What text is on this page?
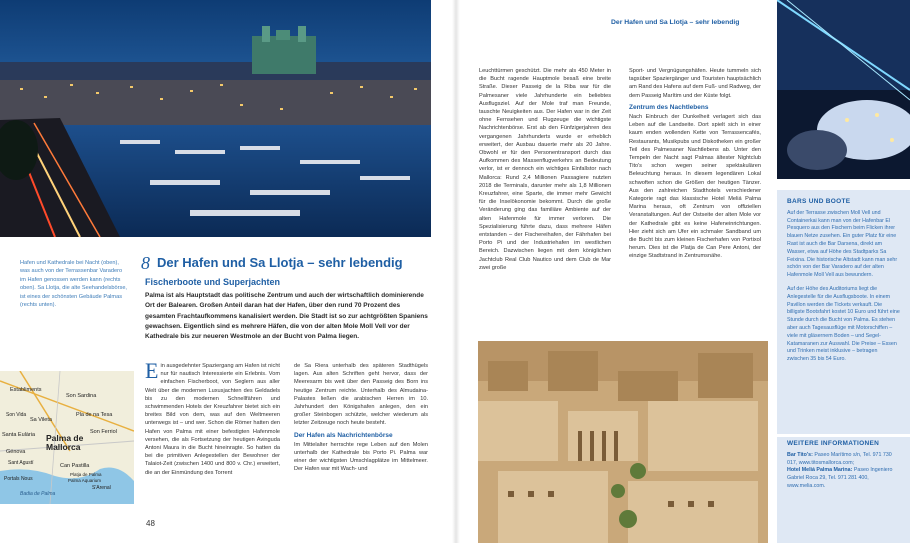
Hafen und Kathedrale bei Nacht (oben), was auch von der Terrassenbar Varadero im Hafen genossen werden kann (rechts oben). Sa Llotja, die alte Seehandelsbörse, ist eines der schönsten Gebäude Palmas (rechts unten).
8 Der Hafen und Sa Llotja – sehr lebendig
Fischerboote und Superjachten
Palma ist als Hauptstadt das politische Zentrum und auch der wirtschaftlich dominierende Ort der Balearen. Großen Anteil daran hat der Hafen, über den rund 70 Prozent des gesamten Frachtaufkommens kanalisiert werden. Die Stadt ist so zur achtgrößten Spaniens gewachsen. Eigentlich sind es mehrere Häfen, die von der alten Mole Moll Vell vor der Kathedrale bis zur neueren Westmole an der Bucht von Palma liegen.
Ein ausgedehnter Spaziergang am Hafen ist nicht nur für nautisch Interessierte ein Erlebnis. Vom einfachen Fischerboot, von Seglern aus aller Welt über die modernen Luxusjachten des Geldadels bis zu den modernen Schnellfähren und schwimmenden Hotels der Kreuzfahrer bietet sich ein breites Bild von dem, was auf den Weltmeeren unterwegs ist – und wer. Schon die Römer hatten den Hafen von Palma mit einer befestigten Hafenmole versehen, die als Fortsetzung der heutigen Avinguda Antoni Maura in die Bucht hineinragte. So hatten da bei die primitiven Anlegestellen der Bewohner der Talaiot-Zeit (zwischen 1400 und 800 v. Chr.) erweitert, die an der Einmündung des Torrent
de Sa Riera unterhalb des späteren Stadthügels lagen. Aus alten Schriften geht hervor, dass der Meeresarm bis weit über den Passeig des Born ins heutige Zentrum reichte. Unterhalb des Almudaina-Palastes ließen die arabischen Herren im 10. Jahrhundert den Königshafen anlegen, den ein großer Steinbogen schützte, welcher wiederum als letzter Zeitzeuge noch heute besteht.
Der Hafen als Nachrichtenbörse
Im Mittelalter herrschte rege Leben auf den Molen unterhalb der Kathedrale bis Porto Pi. Palma war einer der wichtigsten Umschlagplätze im Mittelmeer. Der Hafen war mit Wach- und
Establiments
Son Sardina
Son Vida
Sa Vileta
Pla de na Tesa
Santa Eulària Palma de
Mallorca
Génova
Son Ferriol
Sant Agustí	Can Pastilla
Portals Nous
Platja de Palma
Palma Aquarium
S'Arenal
Badia de Palma
48
Der Hafen und Sa Llotja – sehr lebendig
Leuchttürmen geschützt. Die mehr als 450 Meter in die Bucht ragende Hauptmole besaß eine breite Straße. Dieser Passeig de la Riba war für die Palmesaner viele Jahrhunderte ein beliebtes Ausflugsziel. Auf der Mole traf man Freunde, tauschte Neuigkeiten aus. Der Hafen war in der Zeit ohne Fernsehen und Flugzeuge die wichtigste Nachrichtenbörse. Erst ab den Fünfzigerjahren des vergangenen Jahrhunderts wurde er erheblich erweitert, der Ausbau dauerte mehr als 20 Jahre. Obwohl er für den Personentransport durch das Aufkommen des Massenflugverkehrs an Bedeutung verlor, ist er dennoch ein wichtiges Einfallstor nach Mallorca: Rund 2,4 Millionen Passagiere nutzten 2018 die Terminals, darunter mehr als 1,8 Millionen Kreuzfahrer, eine Sparte, die immer mehr Gewicht für die Inselökonomie bekommt. Durch die große Veränderung ging das familiäre Ambiente auf der alten Hafenmole für immer verloren. Die Spezialisierung führte dazu, dass mehrere Häfen entstanden – der Fischereihafen, der Fährhafen bei Porto Pi und der Industriehafen im westlichen Bereich. Dazwischen liegen mit dem königlichen Jachtclub Real Club Nautico und dem Club de Mar zwei große
Sport- und Vergnügungshäfen. Heute tummeln sich tagsüber Spaziergänger und Touristen hauptsächlich am Rand des Hafens auf dem Fuß- und Radweg, der dem Passeig Marítim und der Küste folgt.
Zentrum des Nachtlebens
Nach Einbruch der Dunkelheit verlagert sich das Leben auf die Landseite. Dort spielt sich in einer kaum enden wollenden Kette von Terrassencafés, Restaurants, Musikpubs und Diskotheken ein großer Teil des Palmesaner Nachtlebens ab. Unter den Tempeln der Nacht sagt Palmas ältester Nightclub Tito's schon wegen seiner spektakulären Beleuchtung heraus. In diesem legendären Lokal schwoften schon die Größen der heutigen Tänzer. Aus den zahlreichen Stadthotels verschiedener Kategorie ragt das klassische Hotel Meliá Palma Marina heraus, oft Zentrum von offiziellen Veranstaltungen. Auf der Ostseite der alten Mole vor der Kathedrale gibt es keine Hafeneinrichtungen. Hier zieht sich am Ufer ein schmaler Sandband um die Bucht bis zum kleinen Fischerhafen von Portixol herum. Dies ist die Platja de Can Pere Antoni, der einzige Stadtstrand in Zentrumsnähe.
BARS UND BOOTE

Auf der Terrasse zwischen Moll Vell und Containerkai kann man von der Hafenbar El Pesquero aus den Fischern beim Flicken ihrer blauen Netze zusehen. Ein guter Platz für eine Rast ist auch die Bar Darsena, direkt am Wasser, etwa auf Höhe des Stadtparks Sa Feixina. Die historische Altstadt kann man sehr schön von der Bar Varadero auf der alten Hafenmole Moll Vell aus bewundern.

Auf der Höhe des Auditoriums liegt die Anlegestelle für die Ausflugsboote. In einem Pavillon werden die Tickets verkauft. Die billigste Bootsfahrt kostet 10 Euro und führt eine Stunde durch die Bucht von Palma. Es stehen aber auch Tagesausflüge mit Motorschiffen – viele mit gläsernem Boden – und Segel-Katamaranen zur Auswahl. Die Preise – Essen und Trinken meist inklusive – betragen zwischen 35 bis 54 Euro.

WEITERE INFORMATIONEN
Bar Tito's: Paseo Marítimo s/n, Tel. 971 730 017, www.titosmallorca.com;
Hotel Meliá Palma Marina: Paseo Ingeniero Gabriel Roca 29, Tel. 971 281 400, www.melia.com.
